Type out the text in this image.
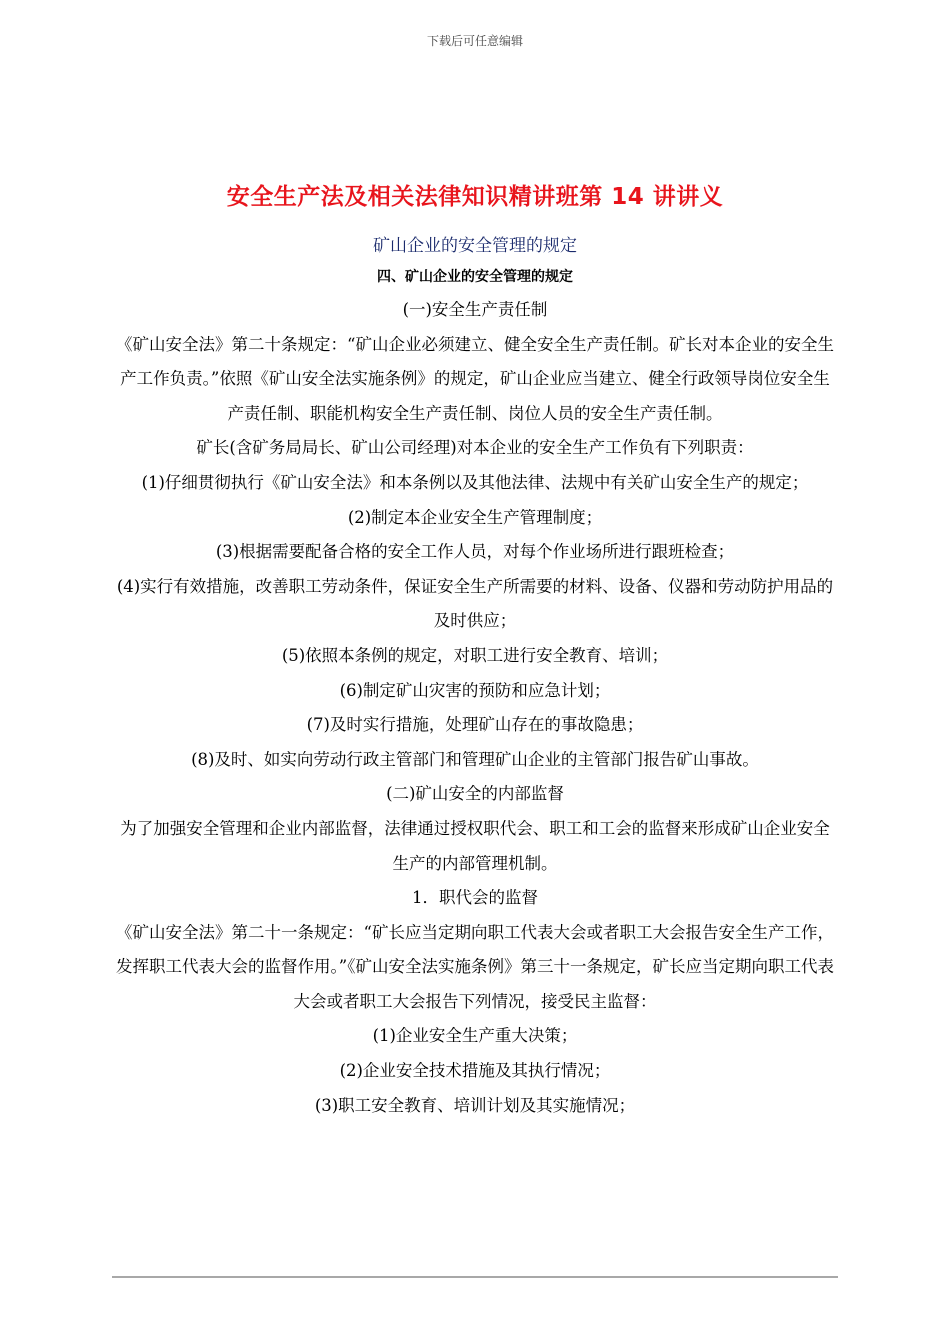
下载后可任意编辑
安全生产法及相关法律知识精讲班第 14 讲讲义
矿山企业的安全管理的规定
四、矿山企业的安全管理的规定

(一)安全生产责任制

《矿山安全法》第二十条规定：“矿山企业必须建立、健全安全生产责任制。矿长对本企业的安全生产工作负责。”依照《矿山安全法实施条例》的规定，矿山企业应当建立、健全行政领导岗位安全生产责任制、职能机构安全生产责任制、岗位人员的安全生产责任制。

矿长(含矿务局局长、矿山公司经理)对本企业的安全生产工作负有下列职责：

(1)仔细贯彻执行《矿山安全法》和本条例以及其他法律、法规中有关矿山安全生产的规定；

(2)制定本企业安全生产管理制度；

(3)根据需要配备合格的安全工作人员，对每个作业场所进行跟班检查；

(4)实行有效措施，改善职工劳动条件，保证安全生产所需要的材料、设备、仪器和劳动防护用品的及时供应；

(5)依照本条例的规定，对职工进行安全教育、培训；

(6)制定矿山灾害的预防和应急计划；

(7)及时实行措施，处理矿山存在的事故隐患；

(8)及时、如实向劳动行政主管部门和管理矿山企业的主管部门报告矿山事故。

(二)矿山安全的内部监督

为了加强安全管理和企业内部监督，法律通过授权职代会、职工和工会的监督来形成矿山企业安全生产的内部管理机制。

1．职代会的监督

《矿山安全法》第二十一条规定：“矿长应当定期向职工代表大会或者职工大会报告安全生产工作，发挥职工代表大会的监督作用。”《矿山安全法实施条例》第三十一条规定，矿长应当定期向职工代表大会或者职工大会报告下列情况，接受民主监督：

(1)企业安全生产重大决策；

(2)企业安全技术措施及其执行情况；

(3)职工安全教育、培训计划及其实施情况；
